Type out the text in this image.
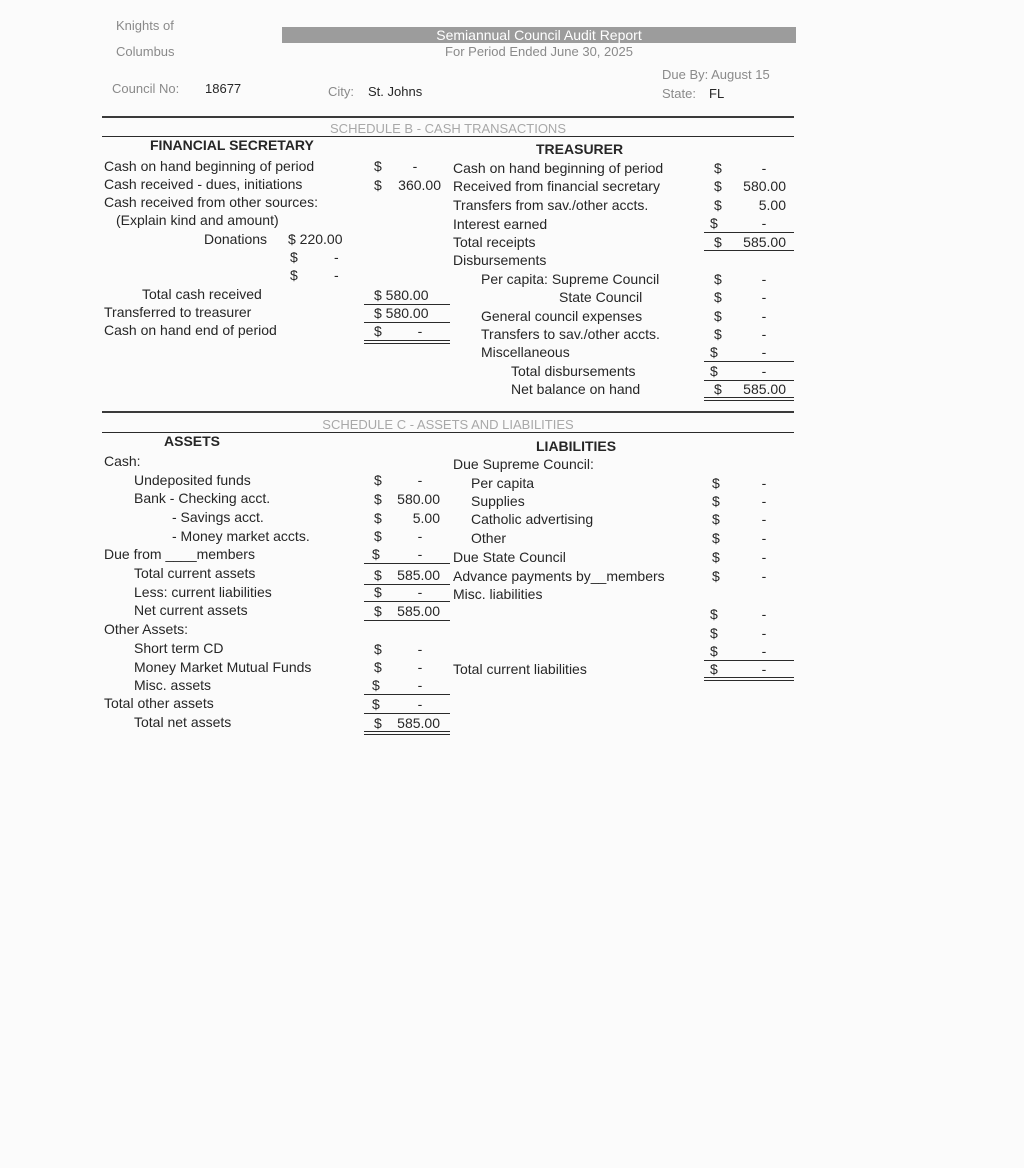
Knights of
Columbus
Semiannual Council Audit Report
For Period Ended June 30, 2025
Due By: August 15
Council No: 18677	City: St. Johns	State: FL
SCHEDULE B - CASH TRANSACTIONS
FINANCIAL SECRETARY	TREASURER
Cash on hand beginning of period	$	-
Cash received - dues, initiations	$	360.00
Cash received from other sources:
(Explain kind and amount)
Donations $ 220.00
$	-
$	-
Total cash received	$ 580.00
Transferred to treasurer	$ 580.00
Cash on hand end of period	$	-
Cash on hand beginning of period	$	-
Received from financial secretary	$	580.00
Transfers from sav./other accts.	$	5.00
Interest earned	$	-
Total receipts	$	585.00
Disbursements
Per capita: Supreme Council	$	-
State Council	$	-
General council expenses	$	-
Transfers to sav./other accts.	$	-
Miscellaneous	$	-
Total disbursements	$	-
Net balance on hand	$	585.00
SCHEDULE C - ASSETS AND LIABILITIES
ASSETS	LIABILITIES
Cash:
Undeposited funds	$	-
Bank - Checking acct.	$	580.00
- Savings acct.	$	5.00
- Money market accts.	$	-
Due from ____members	$	-
Total current assets	$	585.00
Less: current liabilities	$	-
Net current assets	$	585.00
Other Assets:
Short term CD	$	-
Money Market Mutual Funds	$	-
Misc. assets	$	-
Total other assets	$	-
Total net assets	$	585.00
Due Supreme Council:
Per capita	$	-
Supplies	$	-
Catholic advertising	$	-
Other	$	-
Due State Council	$	-
Advance payments by__members	$	-
Misc. liabilities
$	-
$	-
$	-
Total current liabilities	$	-
